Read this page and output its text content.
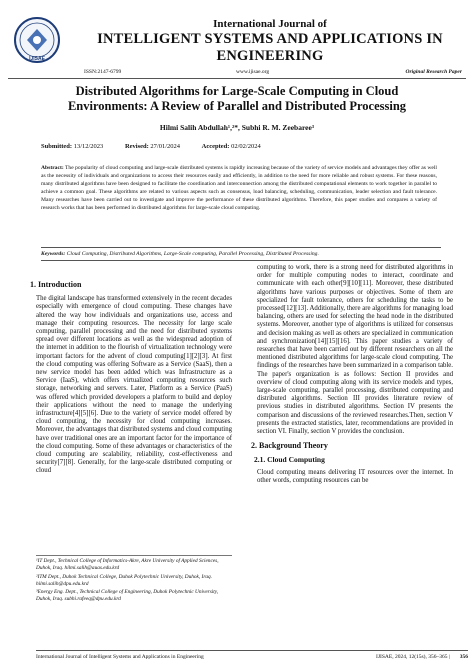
IJISAE
International Journal of
INTELLIGENT SYSTEMS AND APPLICATIONS IN
ENGINEERING
ISSN:2147-6799	www.ijisae.org	Original Research Paper
Distributed Algorithms for Large-Scale Computing in Cloud
Environments: A Review of Parallel and Distributed Processing
Hilmi Salih Abdullah¹,²*, Subhi R. M. Zeebaree³
Submitted: 13/12/2023	Revised: 27/01/2024	Accepted: 02/02/2024
Abstract: The popularity of cloud computing and large-scale distributed systems is rapidly increasing because of the variety of service models and advantages they offer as well as the necessity of individuals and organizations to access their resources easily and efficiently, in addition to the need for more reliable and robust systems. For these reasons, many distributed algorithms have been designed to facilitate the coordination and interconnection among the distributed computational elements to work together in parallel to achieve a common goal. These algorithms are related to various aspects such as consensus, load balancing, scheduling, communication, leader selection and fault tolerance. Many researches have been carried out to investigate and improve the performance of these distributed algorithms. Therefore, this paper studies and compares a variety of research works that has been performed in distributed algorithms for large-scale cloud computing.
Keywords: Cloud Computing, Distributed Algorithms, Large-Scale computing, Parallel Processing, Distributed Processing.
1. Introduction

The digital landscape has transformed extensively in the recent decades especially with emergence of cloud computing. These changes have altered the way how individuals and organizations use, access and manage their computing resources. The necessity for large scale computing, parallel processing and the need for distributed systems spread over different locations as well as the widespread adoption of the internet in addition to the flourish of virtualization technology were important factors for the advent of cloud computing[1][2][3]. At first the cloud computing was offering Software as a Service (SaaS), then a new service model has been added which was Infrastructure as a Service (IaaS), which offers virtualized computing resources such storage, networking and servers. Later, Platform as a Service (PaaS) was offered which provided developers a platform to build and deploy their applications without the need to manage the underlying infrastructure[4][5][6]. Due to the variety of service model offered by cloud computing, the necessity for cloud computing increases. Moreover, the advantages that distributed systems and cloud computing have over traditional ones are an important factor for the importance of the cloud computing. Some of these advantages or characteristics of the cloud computing are scalability, reliability, cost-effectiveness and security[7][8]. Generally, for the large-scale distributed computing or cloud

¹IT Dept., Technical College of Informatics-Akre, Akre University of Applied Sciences, Duhok, Iraq. hilmi.salih@auas.edu.krd
²ITM Dept., Duhok Technical College, Duhok Polytechnic University, Duhok, Iraq. hilmi.salih@dpu.edu.krd
³Energy Eng. Dept., Technical College of Engineering, Duhok Polytechnic University, Duhok, Iraq. subhi.rafeeq@dpu.edu.krd

computing to work, there is a strong need for distributed algorithms in order for multiple computing nodes to interact, coordinate and communicate with each other[9][10][11]. Moreover, these distributed algorithms have various purposes or objectives. Some of them are specialized for fault tolerance, others for scheduling the tasks to be processed[12][13]. Additionally, there are algorithms for managing load balancing, others are used for selecting the head node in the distributed systems. Moreover, another type of algorithms is utilized for consensus and decision making as well as others are specialized in communication and synchronization[14][15][16]. This paper studies a variety of researches that have been carried out by different researchers on all the mentioned distributed algorithms for large-scale cloud computing. The findings of the researches have been summarized in a comparison table. The paper's organization is as follows: Section II provides and overview of cloud computing along with its service models and types, large-scale computing, parallel processing, distributed computing and distributed algorithms. Section III provides literature review of previous studies in distributed algorithms. Section IV presents the comparison and discussions of the reviewed researches.Then, section V presents the extracted statistics, later, recommendations are provided in section VI. Finally, section V provides the conclusion.

2. Background Theory
2.1. Cloud Computing

Cloud computing means delivering IT resources over the internet. In other words, computing resources can be

International Journal of Intelligent Systems and Applications in Engineering	IJISAE, 2024, 12(15s), 356–365 | 356
